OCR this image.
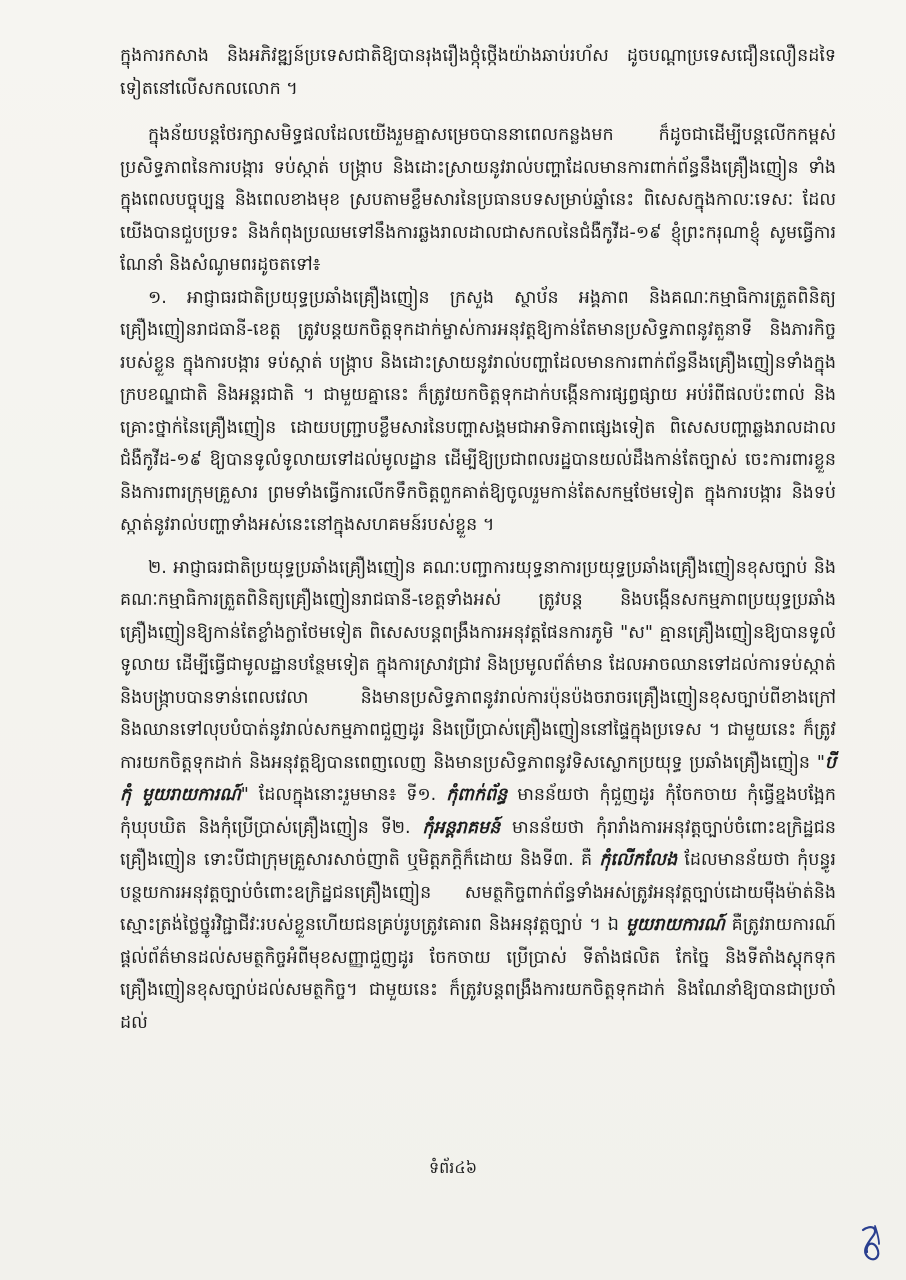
ក្នុងការកសាង និងអភិវឌ្ឍន៍ប្រទេសជាតិឱ្យបានរុងរឿងថ្កុំថ្កើងយ៉ាងឆាប់រហ័ស ដូចបណ្តាប្រទេសជឿនលឿនដទៃទៀតនៅលើសកលលោក ។

ក្នុងន័យបន្តថែរក្សាសមិទ្ធផលដែលយើងរួមគ្នាសម្រេចបាននាពេលកន្លងមក ក៏ដូចជាដើម្បីបន្តលើកកម្ពស់ប្រសិទ្ធភាពនៃការបង្ការ ទប់ស្កាត់ បង្ក្រាប និងដោះស្រាយនូវរាល់បញ្ហាដែលមានការពាក់ព័ន្ធនឹងគ្រឿងញៀន ទាំងក្នុងពេលបច្ចុប្បន្ន និងពេលខាងមុខ ស្របតាមខ្លឹមសារនៃប្រធានបទសម្រាប់ឆ្នាំនេះ ពិសេសក្នុងកាលៈទេសៈ ដែលយើងបានជួបប្រទះ និងកំពុងប្រឈមទៅនឹងការឆ្លងរាលដាលជាសកលនៃជំងឺកូវីដ-១៩ ខ្ញុំព្រះករុណាខ្ញុំ សូមធ្វើការណែនាំ និងសំណូមពរដូចតទៅ៖

១. អាជ្ញាធរជាតិប្រយុទ្ធប្រឆាំងគ្រឿងញៀន ក្រសួង ស្ថាប័ន អង្គភាព និងគណៈកម្មាធិការត្រួតពិនិត្យគ្រឿងញៀនរាជធានី-ខេត្ត ត្រូវបន្តយកចិត្តទុកដាក់ម្ចាស់ការអនុវត្តឱ្យកាន់តែមានប្រសិទ្ធភាពនូវតួនាទី និងភារកិច្ចរបស់ខ្លួន ក្នុងការបង្ការ ទប់ស្កាត់ បង្ក្រាប និងដោះស្រាយនូវរាល់បញ្ហាដែលមានការពាក់ព័ន្ធនឹងគ្រឿងញៀនទាំងក្នុងក្របខណ្ឌជាតិ និងអន្តរជាតិ ។ ជាមួយគ្នានេះ ក៏ត្រូវយកចិត្តទុកដាក់បង្កើនការផ្សព្វផ្សាយ អប់រំពីផលប៉ះពាល់ និងគ្រោះថ្នាក់នៃគ្រឿងញៀន ដោយបញ្ជ្រាបខ្លឹមសារនៃបញ្ហាសង្គមជាអាទិភាពផ្សេងទៀត ពិសេសបញ្ហាឆ្លងរាលដាលជំងឺកូវីដ-១៩ ឱ្យបានទូលំទូលាយទៅដល់មូលដ្ឋាន ដើម្បីឱ្យប្រជាពលរដ្ឋបានយល់ដឹងកាន់តែច្បាស់ ចេះការពារខ្លួន និងការពារក្រុមគ្រួសារ ព្រមទាំងធ្វើការលើកទឹកចិត្តពួកគាត់ឱ្យចូលរួមកាន់តែសកម្មថែមទៀត ក្នុងការបង្ការ និងទប់ស្កាត់នូវរាល់បញ្ហាទាំងអស់នេះនៅក្នុងសហគមន៍របស់ខ្លួន ។

២. អាជ្ញាធរជាតិប្រយុទ្ធប្រឆាំងគ្រឿងញៀន គណៈបញ្ជាការយុទ្ធនាការប្រយុទ្ធប្រឆាំងគ្រឿងញៀនខុសច្បាប់ និងគណៈកម្មាធិការត្រួតពិនិត្យគ្រឿងញៀនរាជធានី-ខេត្តទាំងអស់ ត្រូវបន្ត និងបង្កើនសកម្មភាពប្រយុទ្ធប្រឆាំងគ្រឿងញៀនឱ្យកាន់តែខ្លាំងក្លាថែមទៀត ពិសេសបន្តពង្រឹងការអនុវត្តផែនការភូមិ "ស" គ្មានគ្រឿងញៀនឱ្យបានទូលំទូលាយ ដើម្បីធ្វើជាមូលដ្ឋានបន្ថែមទៀត ក្នុងការស្រាវជ្រាវ និងប្រមូលព័ត៌មាន ដែលអាចឈានទៅដល់ការទប់ស្កាត់ និងបង្ក្រាបបានទាន់ពេលវេលា និងមានប្រសិទ្ធភាពនូវរាល់ការប៉ុនប៉ងចរាចរគ្រឿងញៀនខុសច្បាប់ពីខាងក្រៅ និងឈានទៅលុបបំបាត់នូវរាល់សកម្មភាពជួញដូរ និងប្រើប្រាស់គ្រឿងញៀននៅផ្ទៃក្នុងប្រទេស ។ ជាមួយនេះ ក៏ត្រូវការយកចិត្តទុកដាក់ និងអនុវត្តឱ្យបានពេញលេញ និងមានប្រសិទ្ធភាពនូវទិសស្លោកប្រយុទ្ធ ប្រឆាំងគ្រឿងញៀន "បីកុំ មួយរាយការណ៍" ដែលក្នុងនោះរួមមាន៖ ទី១. កុំពាក់ព័ន្ធ មានន័យថា កុំជួញដូរ កុំចែកចាយ កុំធ្វើខ្នងបង្អែក កុំឃុបឃិត និងកុំប្រើប្រាស់គ្រឿងញៀន ទី២. កុំអន្តរាគមន៍ មានន័យថា កុំរារាំងការអនុវត្តច្បាប់ចំពោះឧក្រិដ្ឋជនគ្រឿងញៀន ទោះបីជាក្រុមគ្រួសារសាច់ញាតិ ឬមិត្តភក្តិក៏ដោយ និងទី៣. គឺ កុំលើកលែង ដែលមានន័យថា កុំបន្ធូរបន្ថយការអនុវត្តច្បាប់ចំពោះឧក្រិដ្ឋជនគ្រឿងញៀន សមត្ថកិច្ចពាក់ព័ន្ធទាំងអស់ត្រូវអនុវត្តច្បាប់ដោយម៉ឺងម៉ាត់និងស្មោះត្រង់ថ្លៃថ្នូរវិជ្ជាជីវៈរបស់ខ្លួនហើយជនគ្រប់រូបត្រូវគោរព និងអនុវត្តច្បាប់ ។ ឯ មួយរាយការណ៍ គឺត្រូវរាយការណ៍ ផ្តល់ព័ត៌មានដល់សមត្ថកិច្ចអំពីមុខសញ្ញាជួញដូរ ចែកចាយ ប្រើប្រាស់ ទីតាំងផលិត កែច្នៃ និងទីតាំងស្តុកទុកគ្រឿងញៀនខុសច្បាប់ដល់សមត្ថកិច្ច។ ជាមួយនេះ ក៏ត្រូវបន្តពង្រឹងការយកចិត្តទុកដាក់ និងណែនាំឱ្យបានជាប្រចាំដល់

ទំព័រ៤៦
